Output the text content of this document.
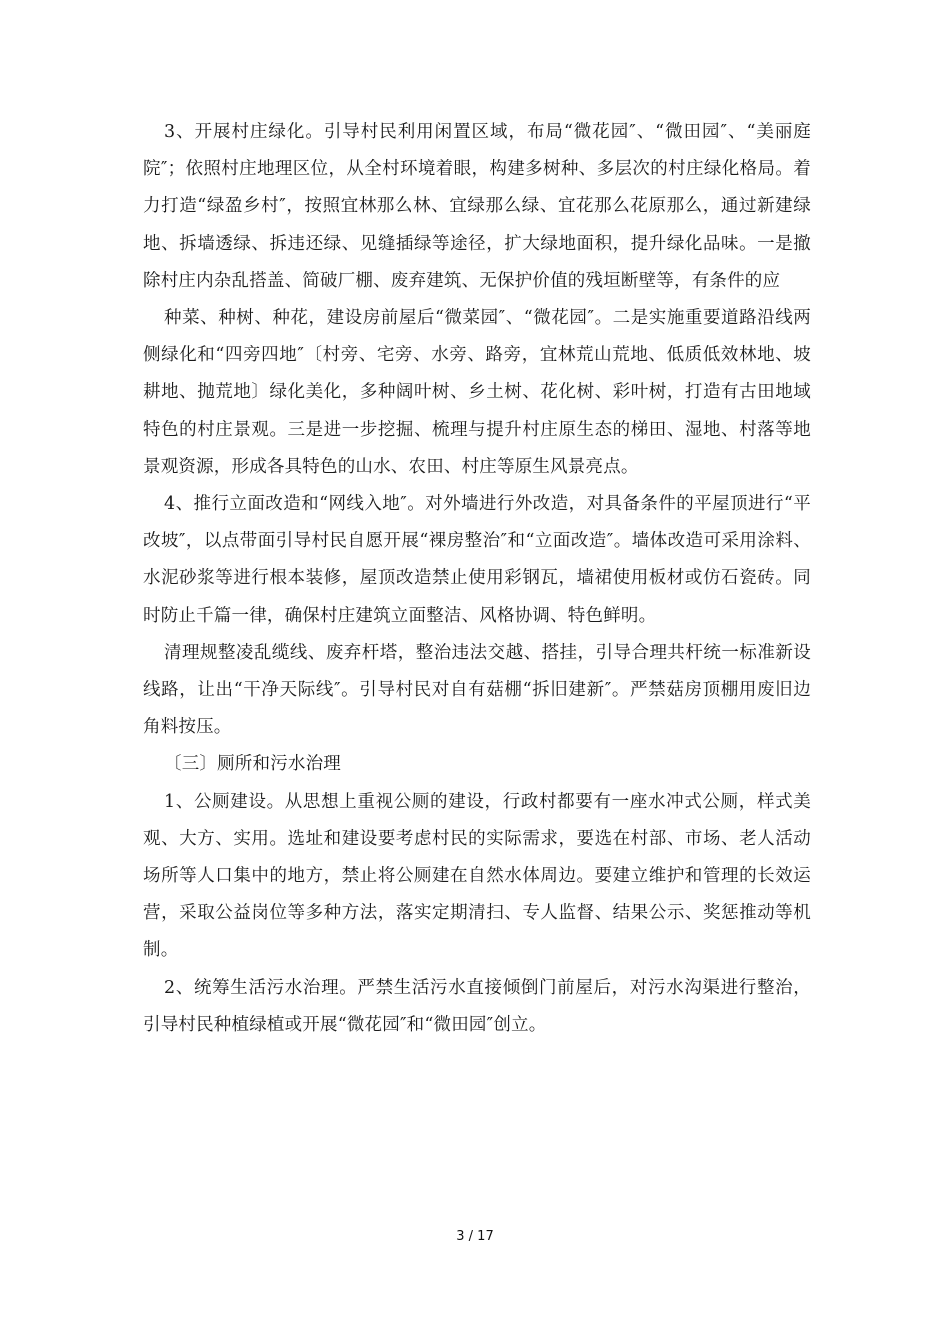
3、开展村庄绿化。引导村民利用闲置区域，布局“微花园″、“微田园″、“美丽庭院″；依照村庄地理区位，从全村环境着眼，构建多树种、多层次的村庄绿化格局。着力打造“绿盈乡村″，按照宜林那么林、宜绿那么绿、宜花那么花原那么，通过新建绿地、拆墙透绿、拆违还绿、见缝插绿等途径，扩大绿地面积，提升绿化品味。一是撤除村庄内杂乱搭盖、简破厂棚、废弃建筑、无保护价值的残垣断壁等，有条件的应

种菜、种树、种花，建设房前屋后“微菜园″、“微花园″。二是实施重要道路沿线两侧绿化和“四旁四地″〔村旁、宅旁、水旁、路旁，宜林荒山荒地、低质低效林地、坡耕地、抛荒地〕绿化美化，多种阔叶树、乡土树、花化树、彩叶树，打造有古田地域特色的村庄景观。三是进一步挖掘、梳理与提升村庄原生态的梯田、湿地、村落等地景观资源，形成各具特色的山水、农田、村庄等原生风景亮点。

4、推行立面改造和“网线入地″。对外墙进行外改造，对具备条件的平屋顶进行“平改坡″，以点带面引导村民自愿开展“裸房整治″和“立面改造″。墙体改造可采用涂料、水泥砂浆等进行根本装修，屋顶改造禁止使用彩钢瓦，墙裙使用板材或仿石瓷砖。同时防止千篇一律，确保村庄建筑立面整洁、风格协调、特色鲜明。

清理规整凌乱缆线、废弃杆塔，整治违法交越、搭挂，引导合理共杆统一标准新设线路，让出“干净天际线″。引导村民对自有菇棚“拆旧建新″。严禁菇房顶棚用废旧边角料按压。

〔三〕厕所和污水治理

1、公厕建设。从思想上重视公厕的建设，行政村都要有一座水冲式公厕，样式美观、大方、实用。选址和建设要考虑村民的实际需求，要选在村部、市场、老人活动场所等人口集中的地方，禁止将公厕建在自然水体周边。要建立维护和管理的长效运营，采取公益岗位等多种方法，落实定期清扫、专人监督、结果公示、奖惩推动等机制。

2、统筹生活污水治理。严禁生活污水直接倾倒门前屋后，对污水沟渠进行整治，引导村民种植绿植或开展“微花园″和“微田园″创立。

3 / 17
